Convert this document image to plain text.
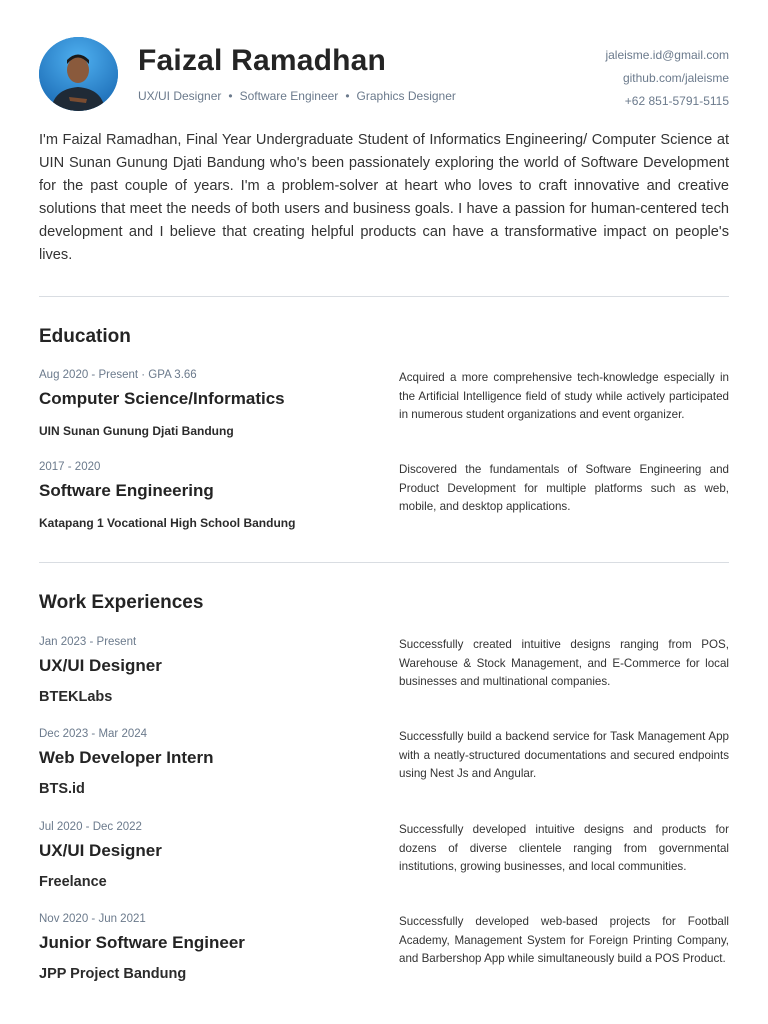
Faizal Ramadhan
UX/UI Designer • Software Engineer • Graphics Designer
jaleisme.id@gmail.com
github.com/jaleisme
+62 851-5791-5115
I'm Faizal Ramadhan, Final Year Undergraduate Student of Informatics Engineering/ Computer Science at UIN Sunan Gunung Djati Bandung who's been passionately exploring the world of Software Development for the past couple of years. I'm a problem-solver at heart who loves to craft innovative and creative solutions that meet the needs of both users and business goals. I have a passion for human-centered tech development and I believe that creating helpful products can have a transformative impact on people's lives.
Education
Aug 2020 - Present · GPA 3.66
Computer Science/Informatics
UIN Sunan Gunung Djati Bandung
Acquired a more comprehensive tech-knowledge especially in the Artificial Intelligence field of study while actively participated in numerous student organizations and event organizer.
2017 - 2020
Software Engineering
Katapang 1 Vocational High School Bandung
Discovered the fundamentals of Software Engineering and Product Development for multiple platforms such as web, mobile, and desktop applications.
Work Experiences
Jan 2023 - Present
UX/UI Designer
BTEKLabs
Successfully created intuitive designs ranging from POS, Warehouse & Stock Management, and E-Commerce for local businesses and multinational companies.
Dec 2023 - Mar 2024
Web Developer Intern
BTS.id
Successfully build a backend service for Task Management App with a neatly-structured documentations and secured endpoints using Nest Js and Angular.
Jul 2020 - Dec 2022
UX/UI Designer
Freelance
Successfully developed intuitive designs and products for dozens of diverse clientele ranging from governmental institutions, growing businesses, and local communities.
Nov 2020 - Jun 2021
Junior Software Engineer
JPP Project Bandung
Successfully developed web-based projects for Football Academy, Management System for Foreign Printing Company, and Barbershop App while simultaneously build a POS Product.
